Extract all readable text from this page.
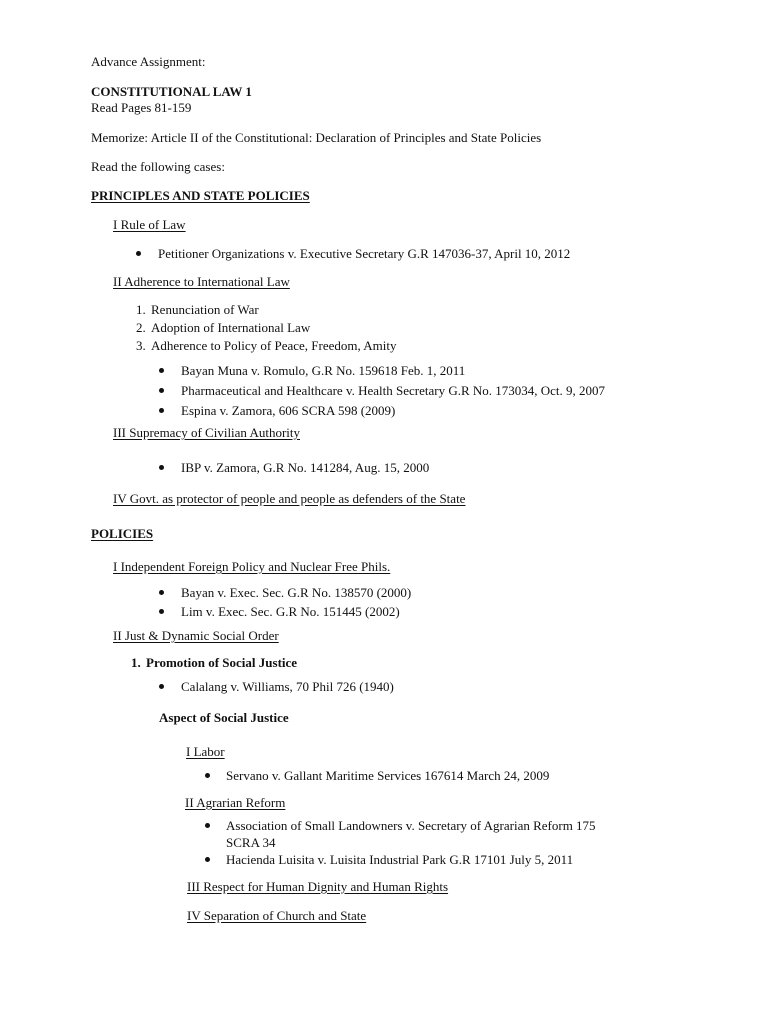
Advance Assignment:
CONSTITUTIONAL LAW 1
Read Pages 81-159
Memorize: Article II of the Constitutional: Declaration of Principles and State Policies
Read the following cases:
PRINCIPLES AND STATE POLICIES
I Rule of Law
Petitioner Organizations v. Executive Secretary G.R 147036-37, April 10, 2012
II Adherence to International Law
1. Renunciation of War
2. Adoption of International Law
3. Adherence to Policy of Peace, Freedom, Amity
Bayan Muna v. Romulo, G.R No. 159618 Feb. 1, 2011
Pharmaceutical and Healthcare v. Health Secretary G.R No. 173034, Oct. 9, 2007
Espina v. Zamora, 606 SCRA 598 (2009)
III Supremacy of Civilian Authority
IBP v. Zamora, G.R No. 141284, Aug. 15, 2000
IV Govt. as protector of people and people as defenders of the State
POLICIES
I Independent Foreign Policy and Nuclear Free Phils.
Bayan v. Exec. Sec. G.R No. 138570 (2000)
Lim v. Exec. Sec. G.R No. 151445 (2002)
II Just & Dynamic Social Order
1. Promotion of Social Justice
Calalang v. Williams, 70 Phil 726 (1940)
Aspect of Social Justice
I Labor
Servano v. Gallant Maritime Services 167614 March 24, 2009
II Agrarian Reform
Association of Small Landowners v. Secretary of Agrarian Reform 175
SCRA 34
Hacienda Luisita v. Luisita Industrial Park G.R 17101 July 5, 2011
III Respect for Human Dignity and Human Rights
IV Separation of Church and State
